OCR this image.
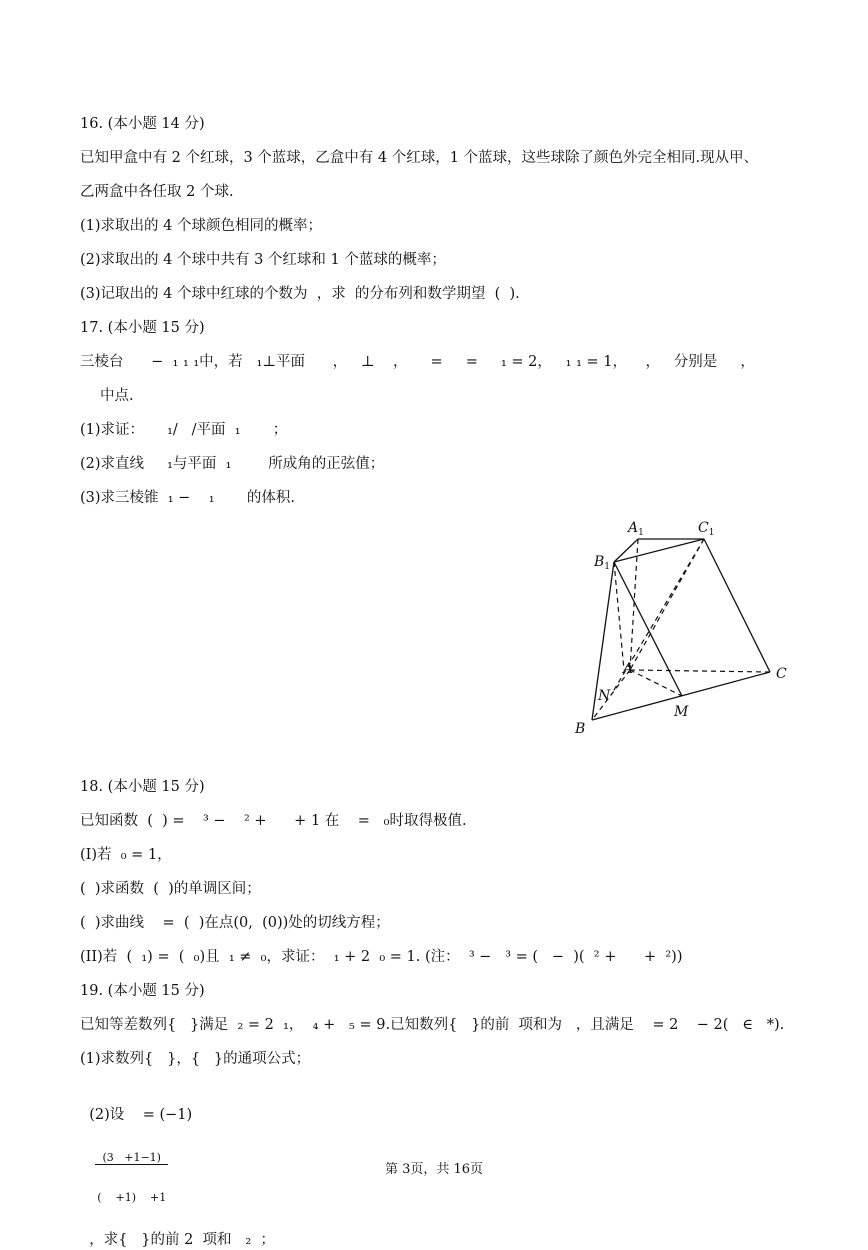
16. (本小题 14 分)
已知甲盒中有 2 个红球，3 个蓝球，乙盒中有 4 个红球，1 个蓝球，这些球除了颜色外完全相同.现从甲、
乙两盒中各任取 2 个球.
(1)求取出的 4 个球颜色相同的概率；
(2)求取出的 4 个球中共有 3 个红球和 1 个蓝球的概率；
(3)记取出的 4 个球中红球的个数为  ，求  的分布列和数学期望  (  ).
17. (本小题 15 分)
三棱台      −  ₁ ₁ ₁中，若   ₁⊥平面      ，   ⊥    ，     =     =     ₁ = 2，   ₁ ₁ = 1，    ，   分别是     ，
中点.
(1)求证：     ₁/   /平面  ₁       ；
(2)求直线     ₁与平面  ₁        所成角的正弦值；
(3)求三棱锥  ₁ −    ₁       的体积.
$A_1$	$C_1$
$B_1$
A	C
N
M
B
18. (本小题 15 分)
已知函数  (  ) =    ³ −    ² +      + 1 在    =   ₀时取得极值.
(I)若  ₀ = 1，
(  )求函数  (  )的单调区间；
(  )求曲线    =  (  )在点(0,  (0))处的切线方程；
(II)若  (  ₁) =  (  ₀)且  ₁ ≠  ₀，求证：  ₁ + 2  ₀ = 1. (注：  ³ −   ³ = (   −  )(  ² +      +  ²))
19. (本小题 15 分)
已知等差数列{   }满足  ₂ = 2  ₁，  ₄ +   ₅ = 9.已知数列{   }的前  项和为   ，且满足    = 2    − 2(   ∈   *).
(1)求数列{   }，{   }的通项公式；

(2)设    = (−1)

$\frac{(3 +1-1)}{( +1) +1}$

，求{   }的前 2  项和   ₂  ；

第 3页，共 16页
